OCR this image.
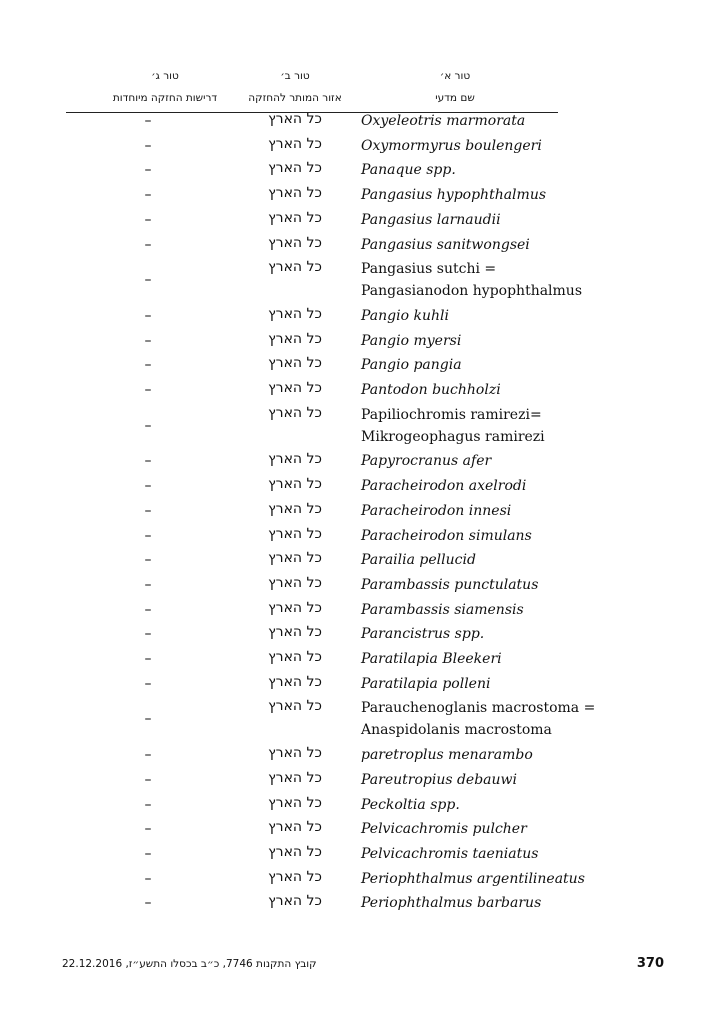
טור ג׳
דרישות החזקה מיוחדות
טור ב׳
אזור המותר להחזקה
טור א׳
שם מדעי
Oxyeleotris marmorata
כל הארץ
–
Oxymormyrus boulengeri
כל הארץ
–
Panaque spp.
כל הארץ
–
Pangasius hypophthalmus
כל הארץ
–
Pangasius larnaudii
כל הארץ
–
Pangasius sanitwongsei
כל הארץ
–
Pangasius sutchi =
Pangasianodon hypophthalmus
כל הארץ
–
Pangio kuhli
כל הארץ
–
Pangio myersi
כל הארץ
–
Pangio pangia
כל הארץ
–
Pantodon buchholzi
כל הארץ
–
Papiliochromis ramirezi=
Mikrogeophagus ramirezi
כל הארץ
–
Papyrocranus afer
כל הארץ
–
Paracheirodon axelrodi
כל הארץ
–
Paracheirodon innesi
כל הארץ
–
Paracheirodon simulans
כל הארץ
–
Parailia pellucid
כל הארץ
–
Parambassis punctulatus
כל הארץ
–
Parambassis siamensis
כל הארץ
–
Parancistrus spp.
כל הארץ
–
Paratilapia Bleekeri
כל הארץ
–
Paratilapia polleni
כל הארץ
–
Parauchenoglanis macrostoma =
Anaspidolanis macrostoma
כל הארץ
–
paretroplus menarambo
כל הארץ
–
Pareutropius debauwi
כל הארץ
–
Peckoltia spp.
כל הארץ
–
Pelvicachromis pulcher
כל הארץ
–
Pelvicachromis taeniatus
כל הארץ
–
Periophthalmus argentilineatus
כל הארץ
–
Periophthalmus barbarus
כל הארץ
–
קובץ התקנות 7746, כ״ב בכסלו התשע״ז, 22.12.2016	370
